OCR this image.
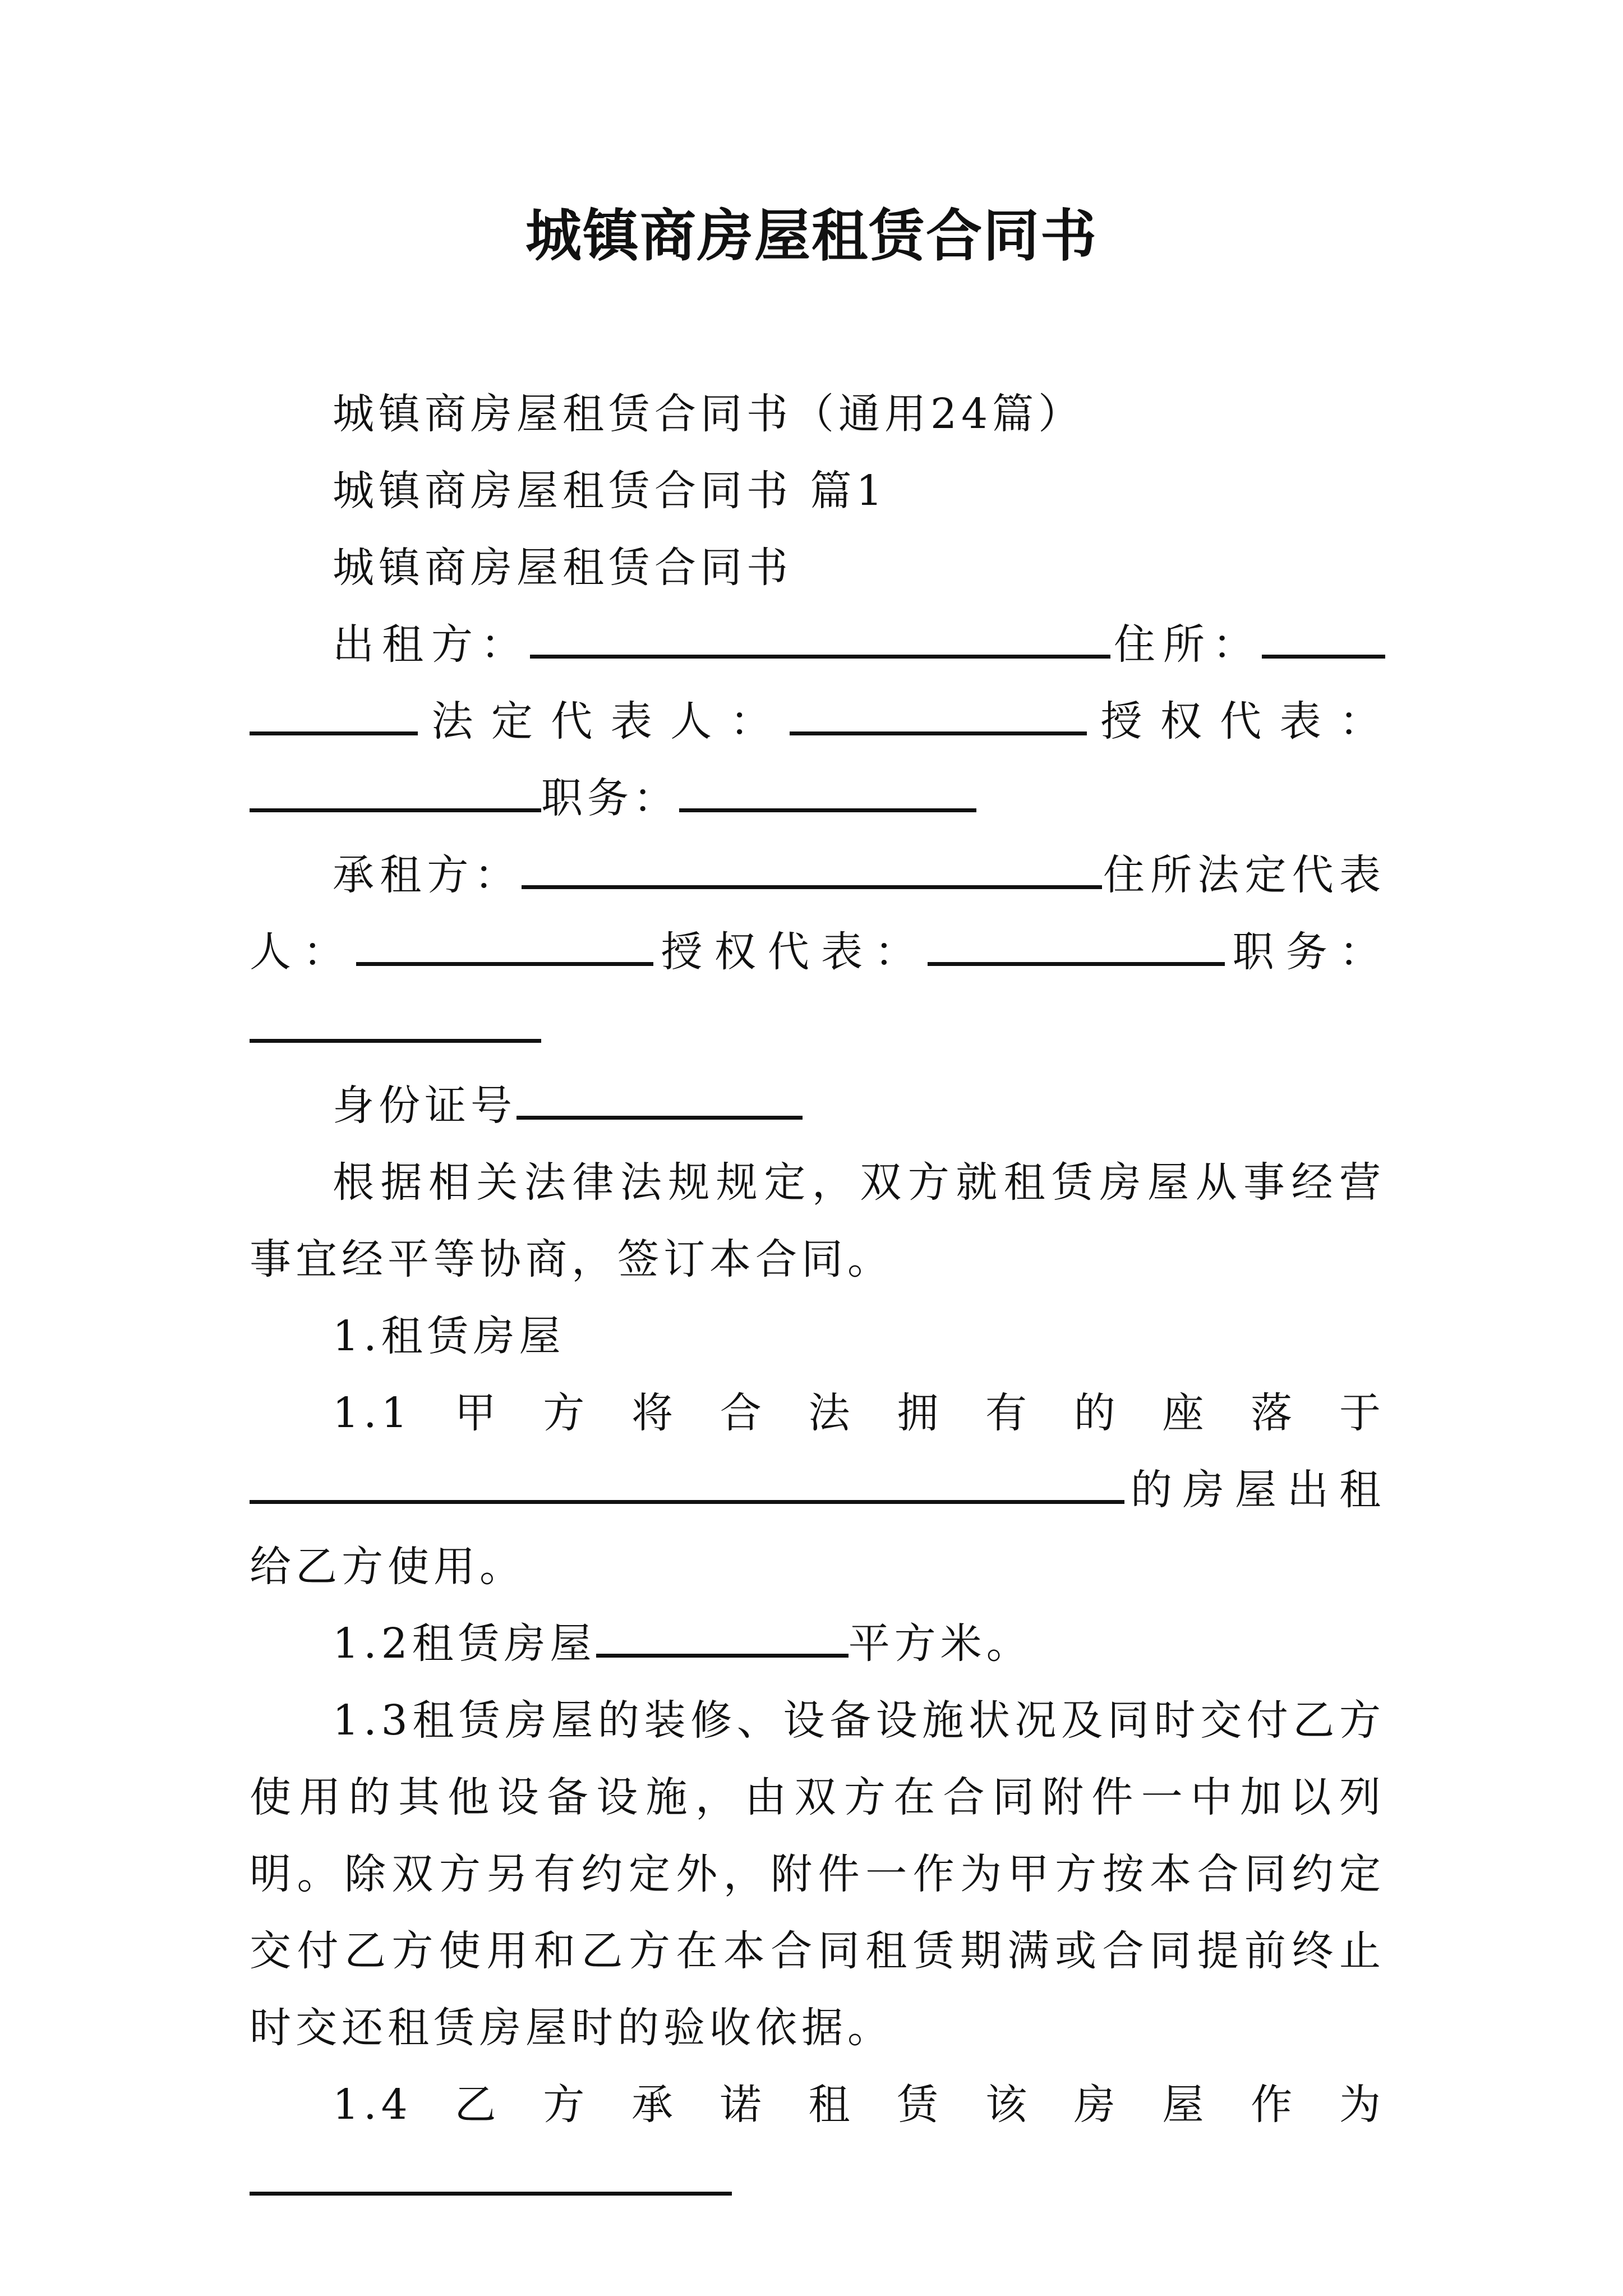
城镇商房屋租赁合同书

城镇商房屋租赁合同书（通用24篇）

城镇商房屋租赁合同书 篇1

城镇商房屋租赁合同书

出租方：	住所：法定代表人：	授权代表：职务：

承租方：	住所法定代表人：	授权代表：	职务：

身份证号

根据相关法律法规规定，双方就租赁房屋从事经营事宜经平等协商，签订本合同。

1.租赁房屋

1.1甲方将合法拥有的座落于的房屋出租给乙方使用。

1.2租赁房屋	平方米。

1.3租赁房屋的装修、设备设施状况及同时交付乙方使用的其他设备设施，由双方在合同附件一中加以列明。除双方另有约定外，附件一作为甲方按本合同约定交付乙方使用和乙方在本合同租赁期满或合同提前终止时交还租赁房屋时的验收依据。

1.4乙方承诺租赁该房屋作为
